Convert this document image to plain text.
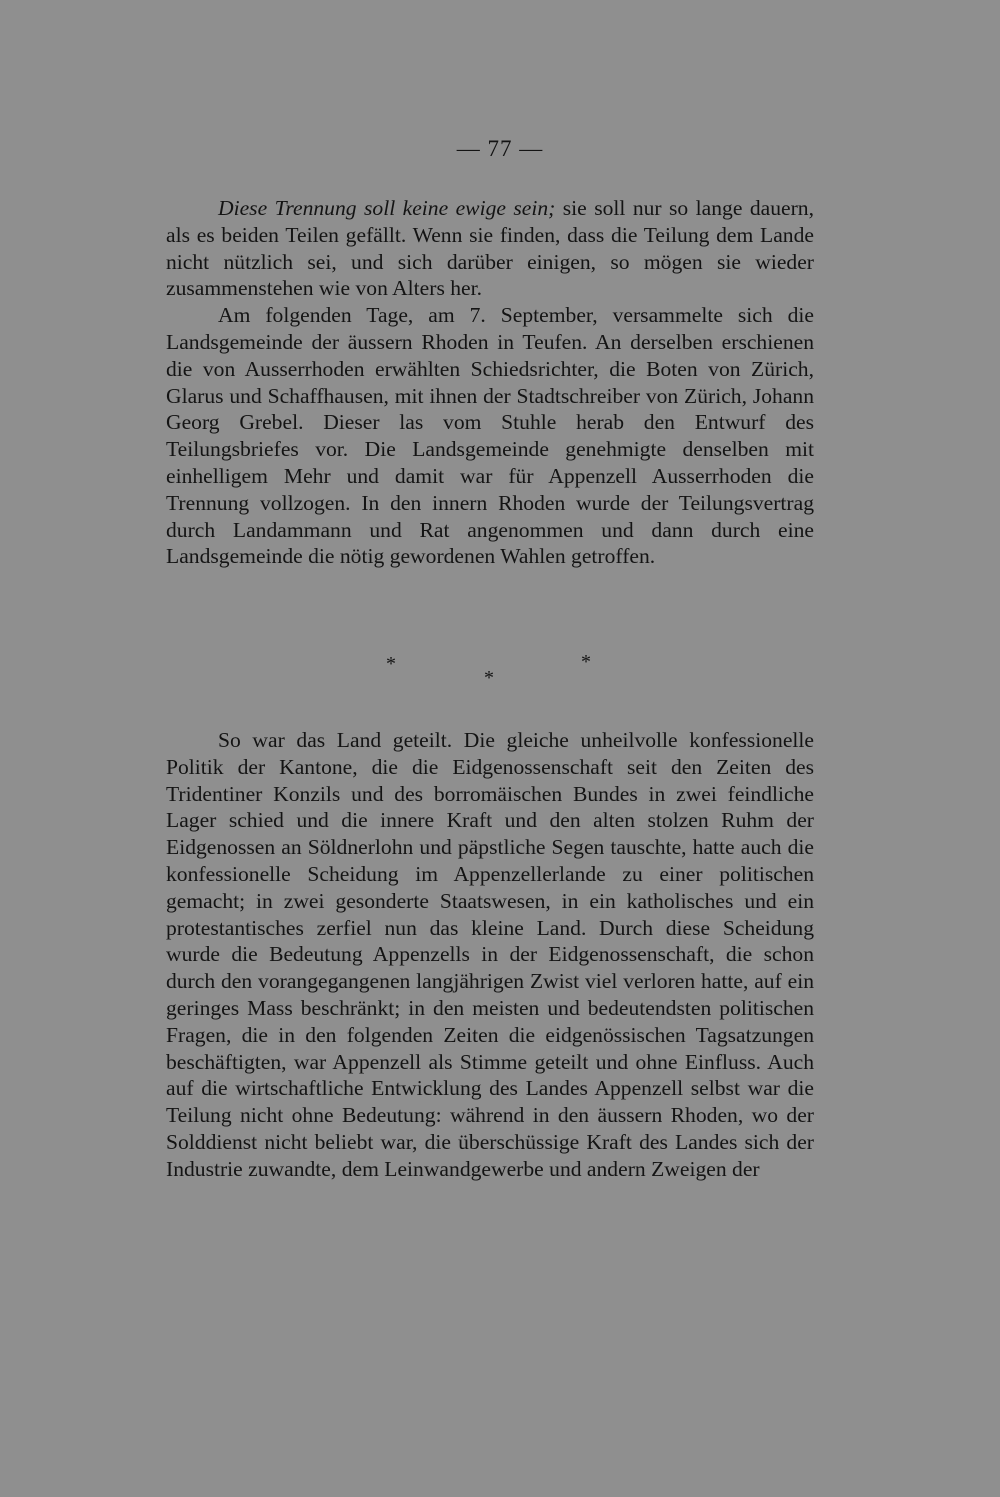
— 77 —

Diese Trennung soll keine ewige sein; sie soll nur so lange dauern, als es beiden Teilen gefällt. Wenn sie finden, dass die Teilung dem Lande nicht nützlich sei, und sich darüber einigen, so mögen sie wieder zusammenstehen wie von Alters her.

Am folgenden Tage, am 7. September, versammelte sich die Landsgemeinde der äussern Rhoden in Teufen. An derselben erschienen die von Ausserrhoden erwählten Schiedsrichter, die Boten von Zürich, Glarus und Schaffhausen, mit ihnen der Stadtschreiber von Zürich, Johann Georg Grebel. Dieser las vom Stuhle herab den Entwurf des Teilungsbriefes vor. Die Landsgemeinde genehmigte denselben mit einhelligem Mehr und damit war für Appenzell Ausserrhoden die Trennung vollzogen. In den innern Rhoden wurde der Teilungsvertrag durch Landammann und Rat angenommen und dann durch eine Landsgemeinde die nötig gewordenen Wahlen getroffen.

*
*
*

So war das Land geteilt. Die gleiche unheilvolle konfessionelle Politik der Kantone, die die Eidgenossenschaft seit den Zeiten des Tridentiner Konzils und des borromäischen Bundes in zwei feindliche Lager schied und die innere Kraft und den alten stolzen Ruhm der Eidgenossen an Söldnerlohn und päpstliche Segen tauschte, hatte auch die konfessionelle Scheidung im Appenzellerlande zu einer politischen gemacht; in zwei gesonderte Staatswesen, in ein katholisches und ein protestantisches zerfiel nun das kleine Land. Durch diese Scheidung wurde die Bedeutung Appenzells in der Eidgenossenschaft, die schon durch den vorangegangenen langjährigen Zwist viel verloren hatte, auf ein geringes Mass beschränkt; in den meisten und bedeutendsten politischen Fragen, die in den folgenden Zeiten die eidgenössischen Tagsatzungen beschäftigten, war Appenzell als Stimme geteilt und ohne Einfluss. Auch auf die wirtschaftliche Entwicklung des Landes Appenzell selbst war die Teilung nicht ohne Bedeutung: während in den äussern Rhoden, wo der Solddienst nicht beliebt war, die überschüssige Kraft des Landes sich der Industrie zuwandte, dem Leinwandgewerbe und andern Zweigen der
